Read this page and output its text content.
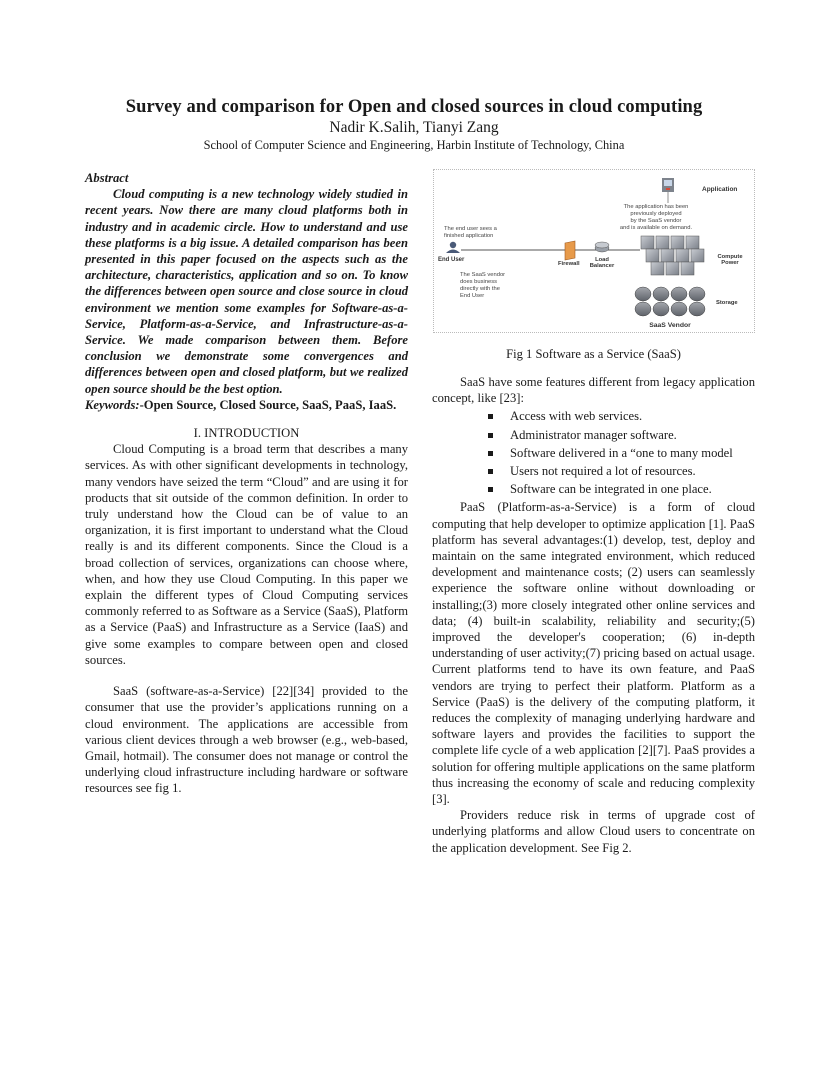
Survey and comparison for Open and closed sources in cloud computing
Nadir K.Salih, Tianyi Zang
School of Computer Science and Engineering, Harbin Institute of Technology, China
Abstract

Cloud computing is a new technology widely studied in recent years. Now there are many cloud platforms both in industry and in academic circle. How to understand and use these platforms is a big issue. A detailed comparison has been presented in this paper focused on the aspects such as the architecture, characteristics, application and so on. To know the differences between open source and close source in cloud environment we mention some examples for Software-as-a-Service, Platform-as-a-Service, and Infrastructure-as-a-Service. We made comparison between them. Before conclusion we demonstrate some convergences and differences between open and closed platform, but we realized open source should be the best option.

Keywords:-Open Source, Closed Source, SaaS, PaaS, IaaS.

I. INTRODUCTION

Cloud Computing is a broad term that describes a many services. As with other significant developments in technology, many vendors have seized the term “Cloud” and are using it for products that sit outside of the common definition. In order to truly understand how the Cloud can be of value to an organization, it is first important to understand what the Cloud really is and its different components. Since the Cloud is a broad collection of services, organizations can choose where, when, and how they use Cloud Computing. In this paper we explain the different types of Cloud Computing services commonly referred to as Software as a Service (SaaS), Platform as a Service (PaaS) and Infrastructure as a Service (IaaS) and give some examples to compare between open and closed sources.

SaaS (software-as-a-Service) [22][34] provided to the consumer that use the provider’s applications running on a cloud environment. The applications are accessible from various client devices through a web browser (e.g., web-based, Gmail, hotmail). The consumer does not manage or control the underlying cloud infrastructure including hardware or software resources see fig 1.

Application
The application has been
previously deployed
by the SaaS vendor
and is available on demand.
The end user sees a
finished application
End User
Firewall
Load
Balancer
Compute
Power
The SaaS vendor
does business
directly with the
End User
Storage
SaaS Vendor
Fig 1 Software as a Service (SaaS)

SaaS have some features different from legacy application concept, like [23]:

Access with web services.
Administrator manager software.
Software delivered in a “one to many model
Users not required a lot of resources.
Software can be integrated in one place.

PaaS (Platform-as-a-Service) is a form of cloud computing that help developer to optimize application [1]. PaaS platform has several advantages:(1) develop, test, deploy and maintain on the same integrated environment, which reduced development and maintenance costs; (2) users can seamlessly experience the software online without downloading or installing;(3) more closely integrated other online services and data; (4) built-in scalability, reliability and security;(5) improved the developer's cooperation; (6) in-depth understanding of user activity;(7) pricing based on actual usage. Current platforms tend to have its own feature, and PaaS vendors are trying to perfect their platform. Platform as a Service (PaaS) is the delivery of the computing platform, it reduces the complexity of managing underlying hardware and software layers and provides the facilities to support the complete life cycle of a web application [2][7]. PaaS provides a solution for offering multiple applications on the same platform thus increasing the economy of scale and reducing complexity [3].

Providers reduce risk in terms of upgrade cost of underlying platforms and allow Cloud users to concentrate on the application development. See Fig 2.
